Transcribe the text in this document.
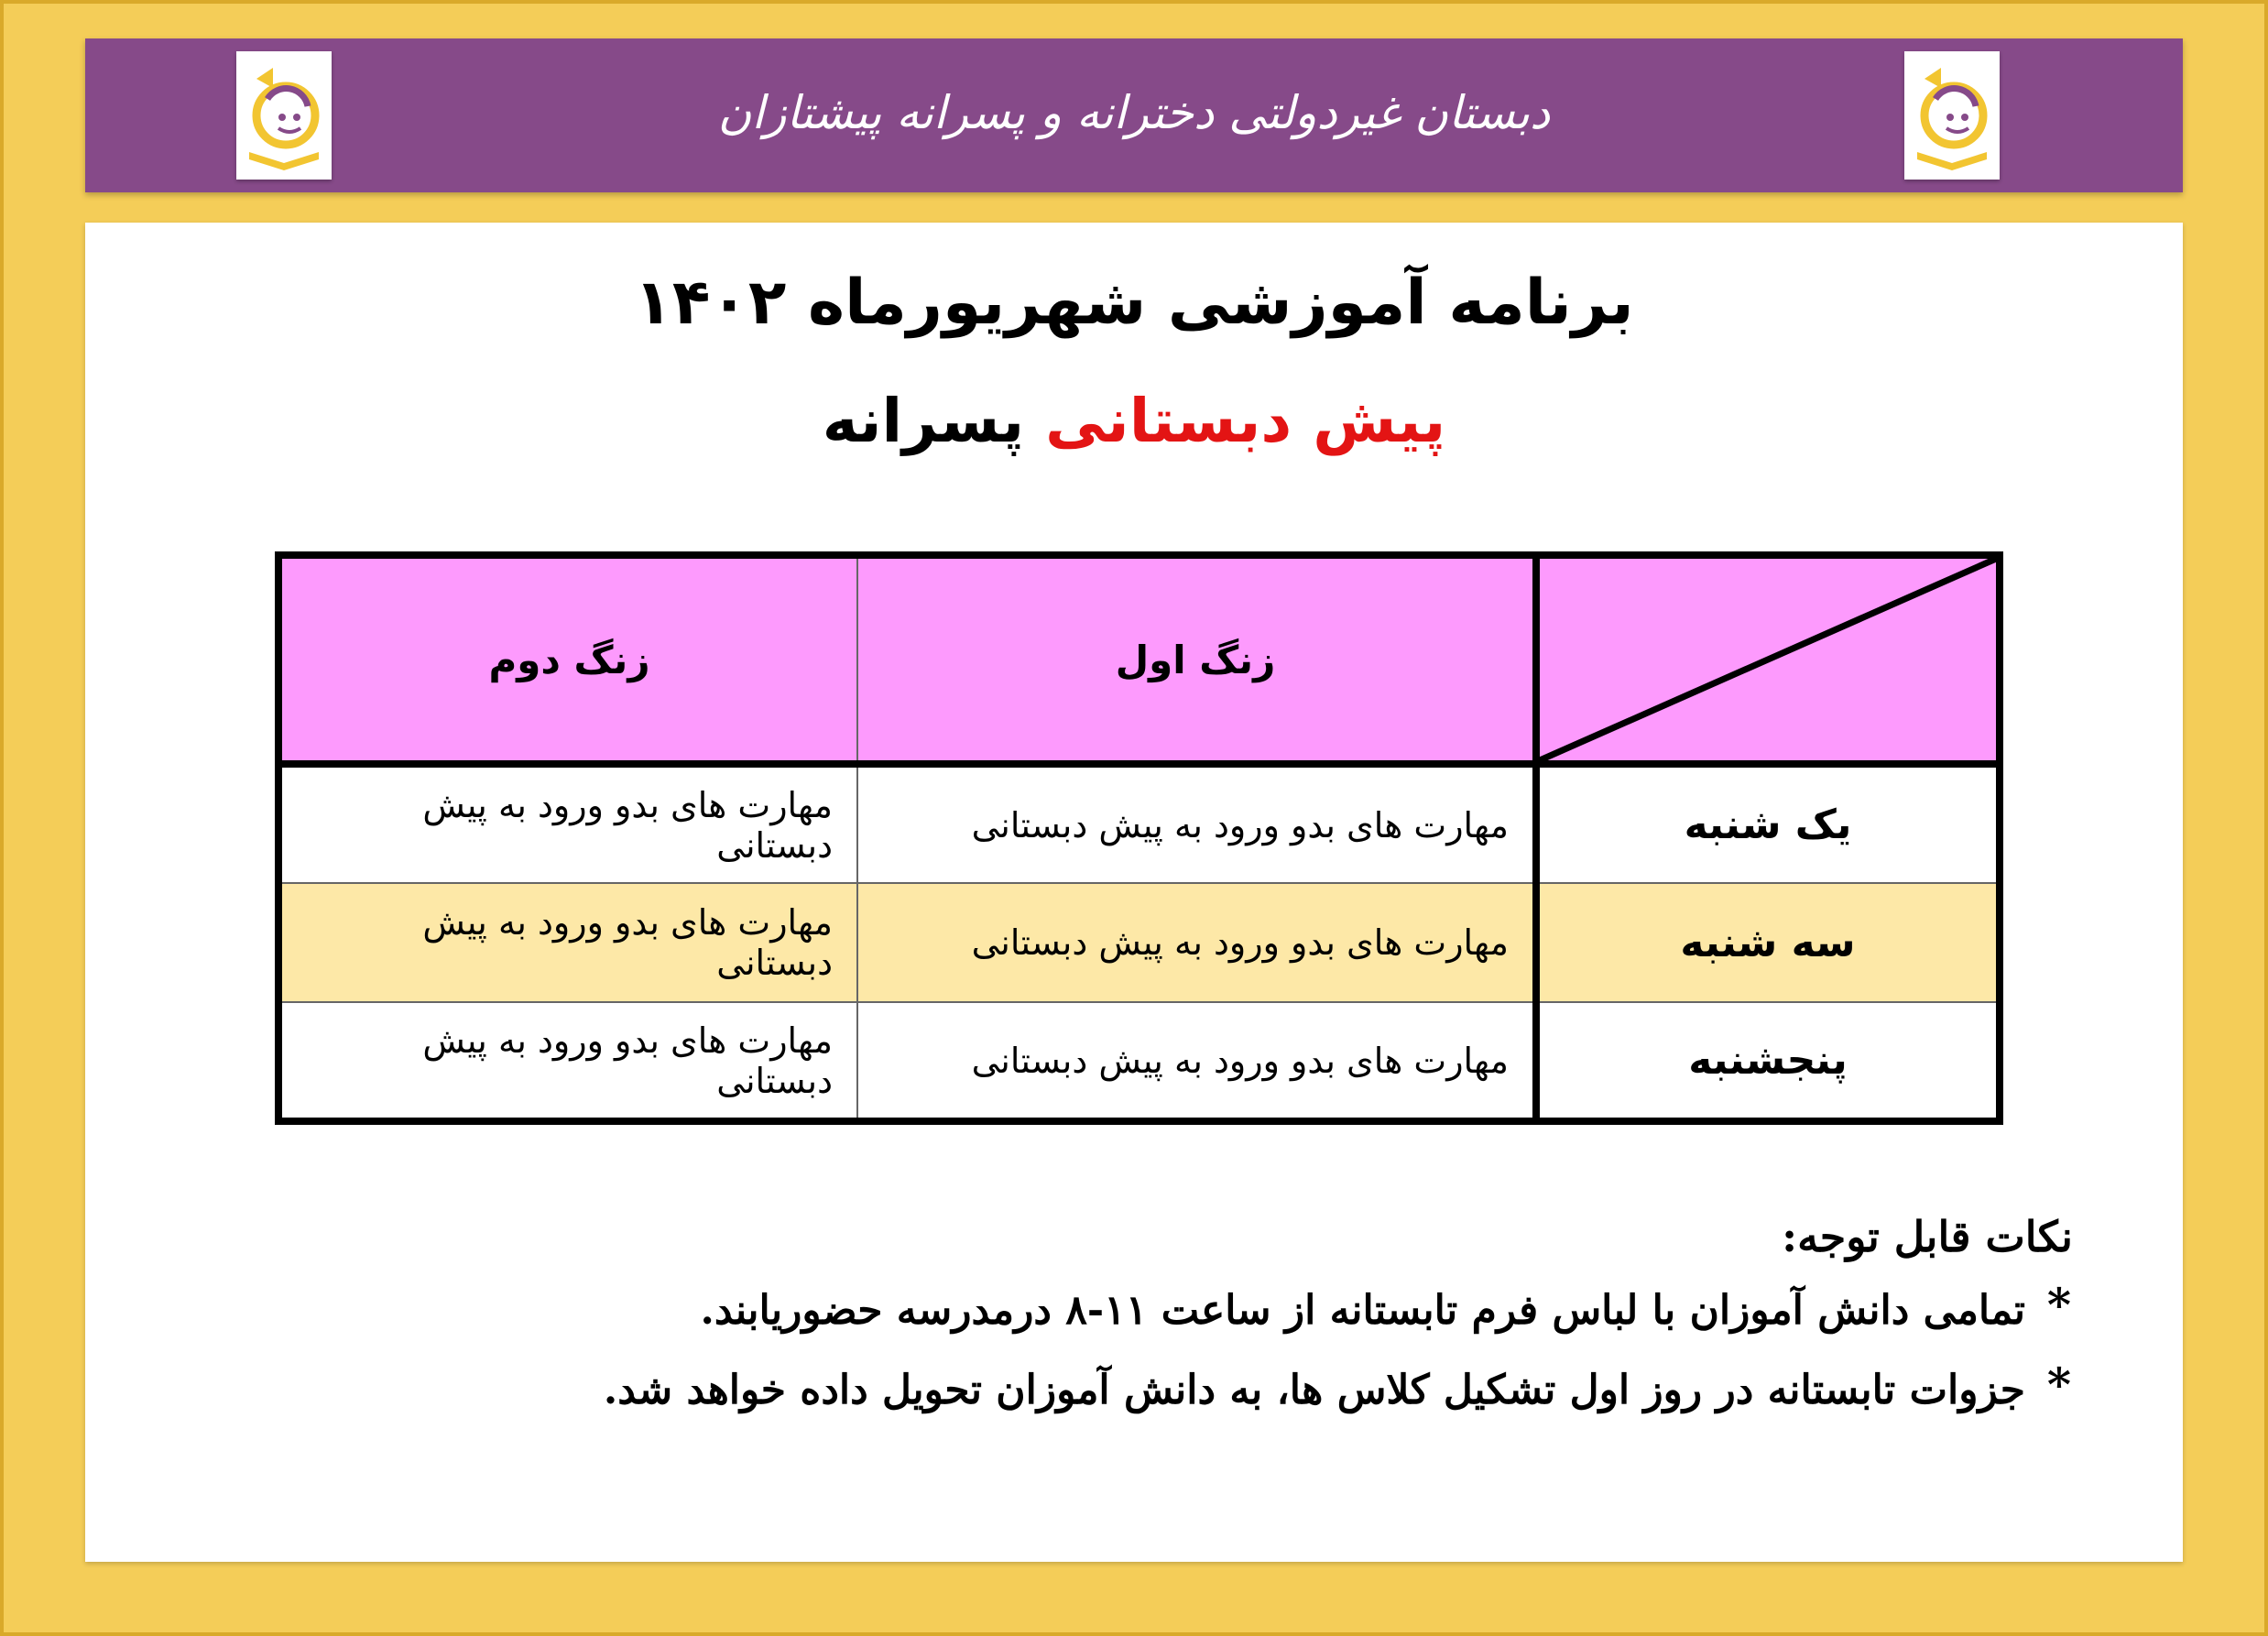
دبستان غیردولتی دخترانه و پسرانه پیشتازان
برنامه آموزشی شهریورماه ۱۴۰۲
پیش دبستانی پسرانه
	زنگ اول	زنگ دوم
یک شنبه	مهارت های بدو ورود به پیش دبستانی	مهارت های بدو ورود به پیش دبستانی
سه شنبه	مهارت های بدو ورود به پیش دبستانی	مهارت های بدو ورود به پیش دبستانی
پنجشنبه	مهارت های بدو ورود به پیش دبستانی	مهارت های بدو ورود به پیش دبستانی
نکات قابل توجه:
*
تمامی دانش آموزان با لباس فرم تابستانه از ساعت ۱۱-۸ درمدرسه حضوریابند.
*
جزوات تابستانه در روز اول تشکیل کلاس ها، به دانش آموزان تحویل داده خواهد شد.
